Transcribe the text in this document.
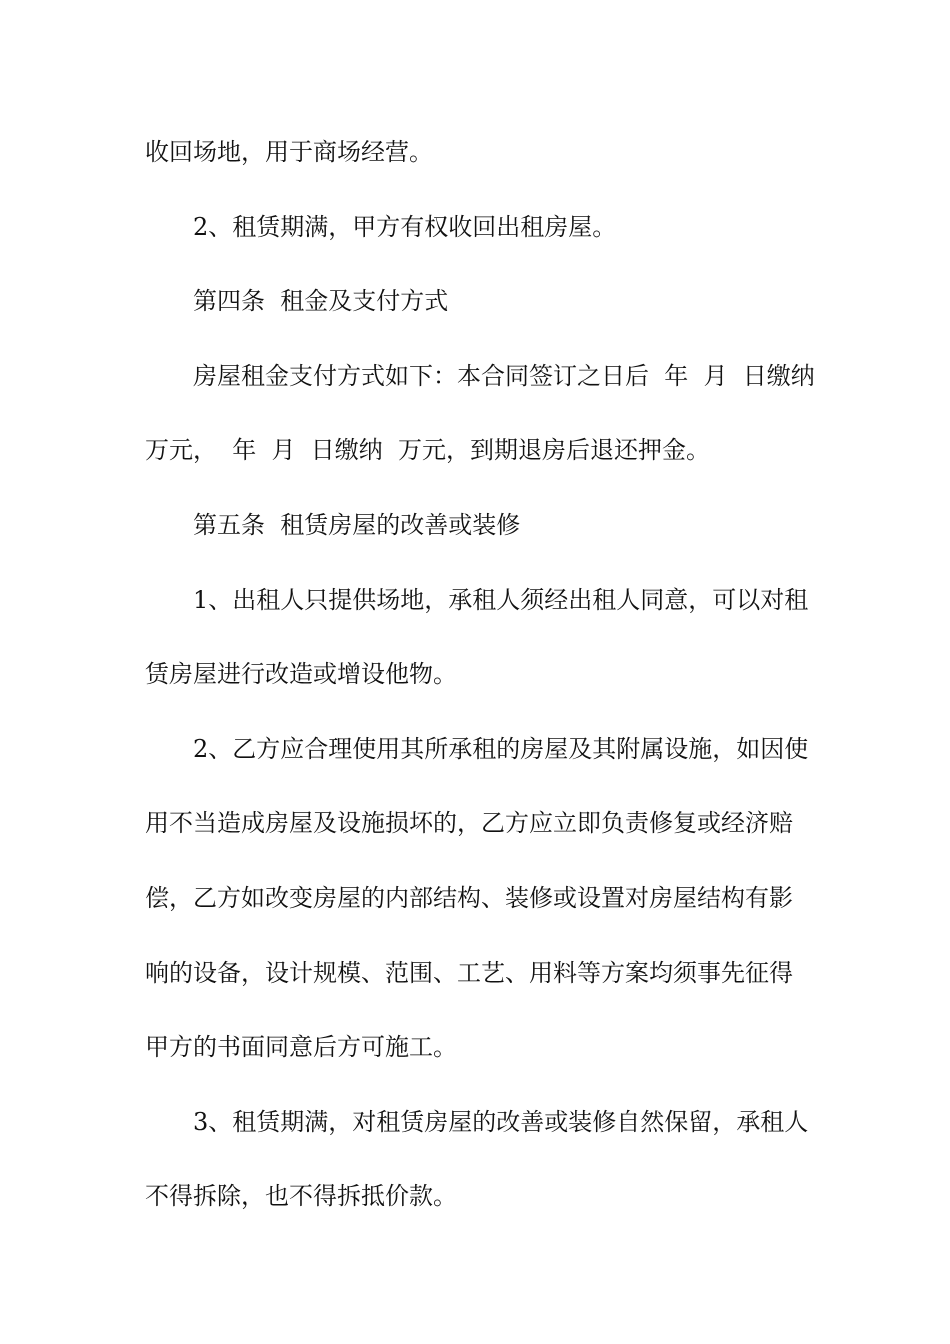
收回场地，用于商场经营。

2、租赁期满，甲方有权收回出租房屋。

第四条  租金及支付方式

房屋租金支付方式如下：本合同签订之日后  年  月  日缴纳

万元，  年  月  日缴纳  万元，到期退房后退还押金。

第五条  租赁房屋的改善或装修

1、出租人只提供场地，承租人须经出租人同意，可以对租

赁房屋进行改造或增设他物。

2、乙方应合理使用其所承租的房屋及其附属设施，如因使

用不当造成房屋及设施损坏的，乙方应立即负责修复或经济赔

偿，乙方如改变房屋的内部结构、装修或设置对房屋结构有影

响的设备，设计规模、范围、工艺、用料等方案均须事先征得

甲方的书面同意后方可施工。

3、租赁期满，对租赁房屋的改善或装修自然保留，承租人

不得拆除，也不得拆抵价款。
